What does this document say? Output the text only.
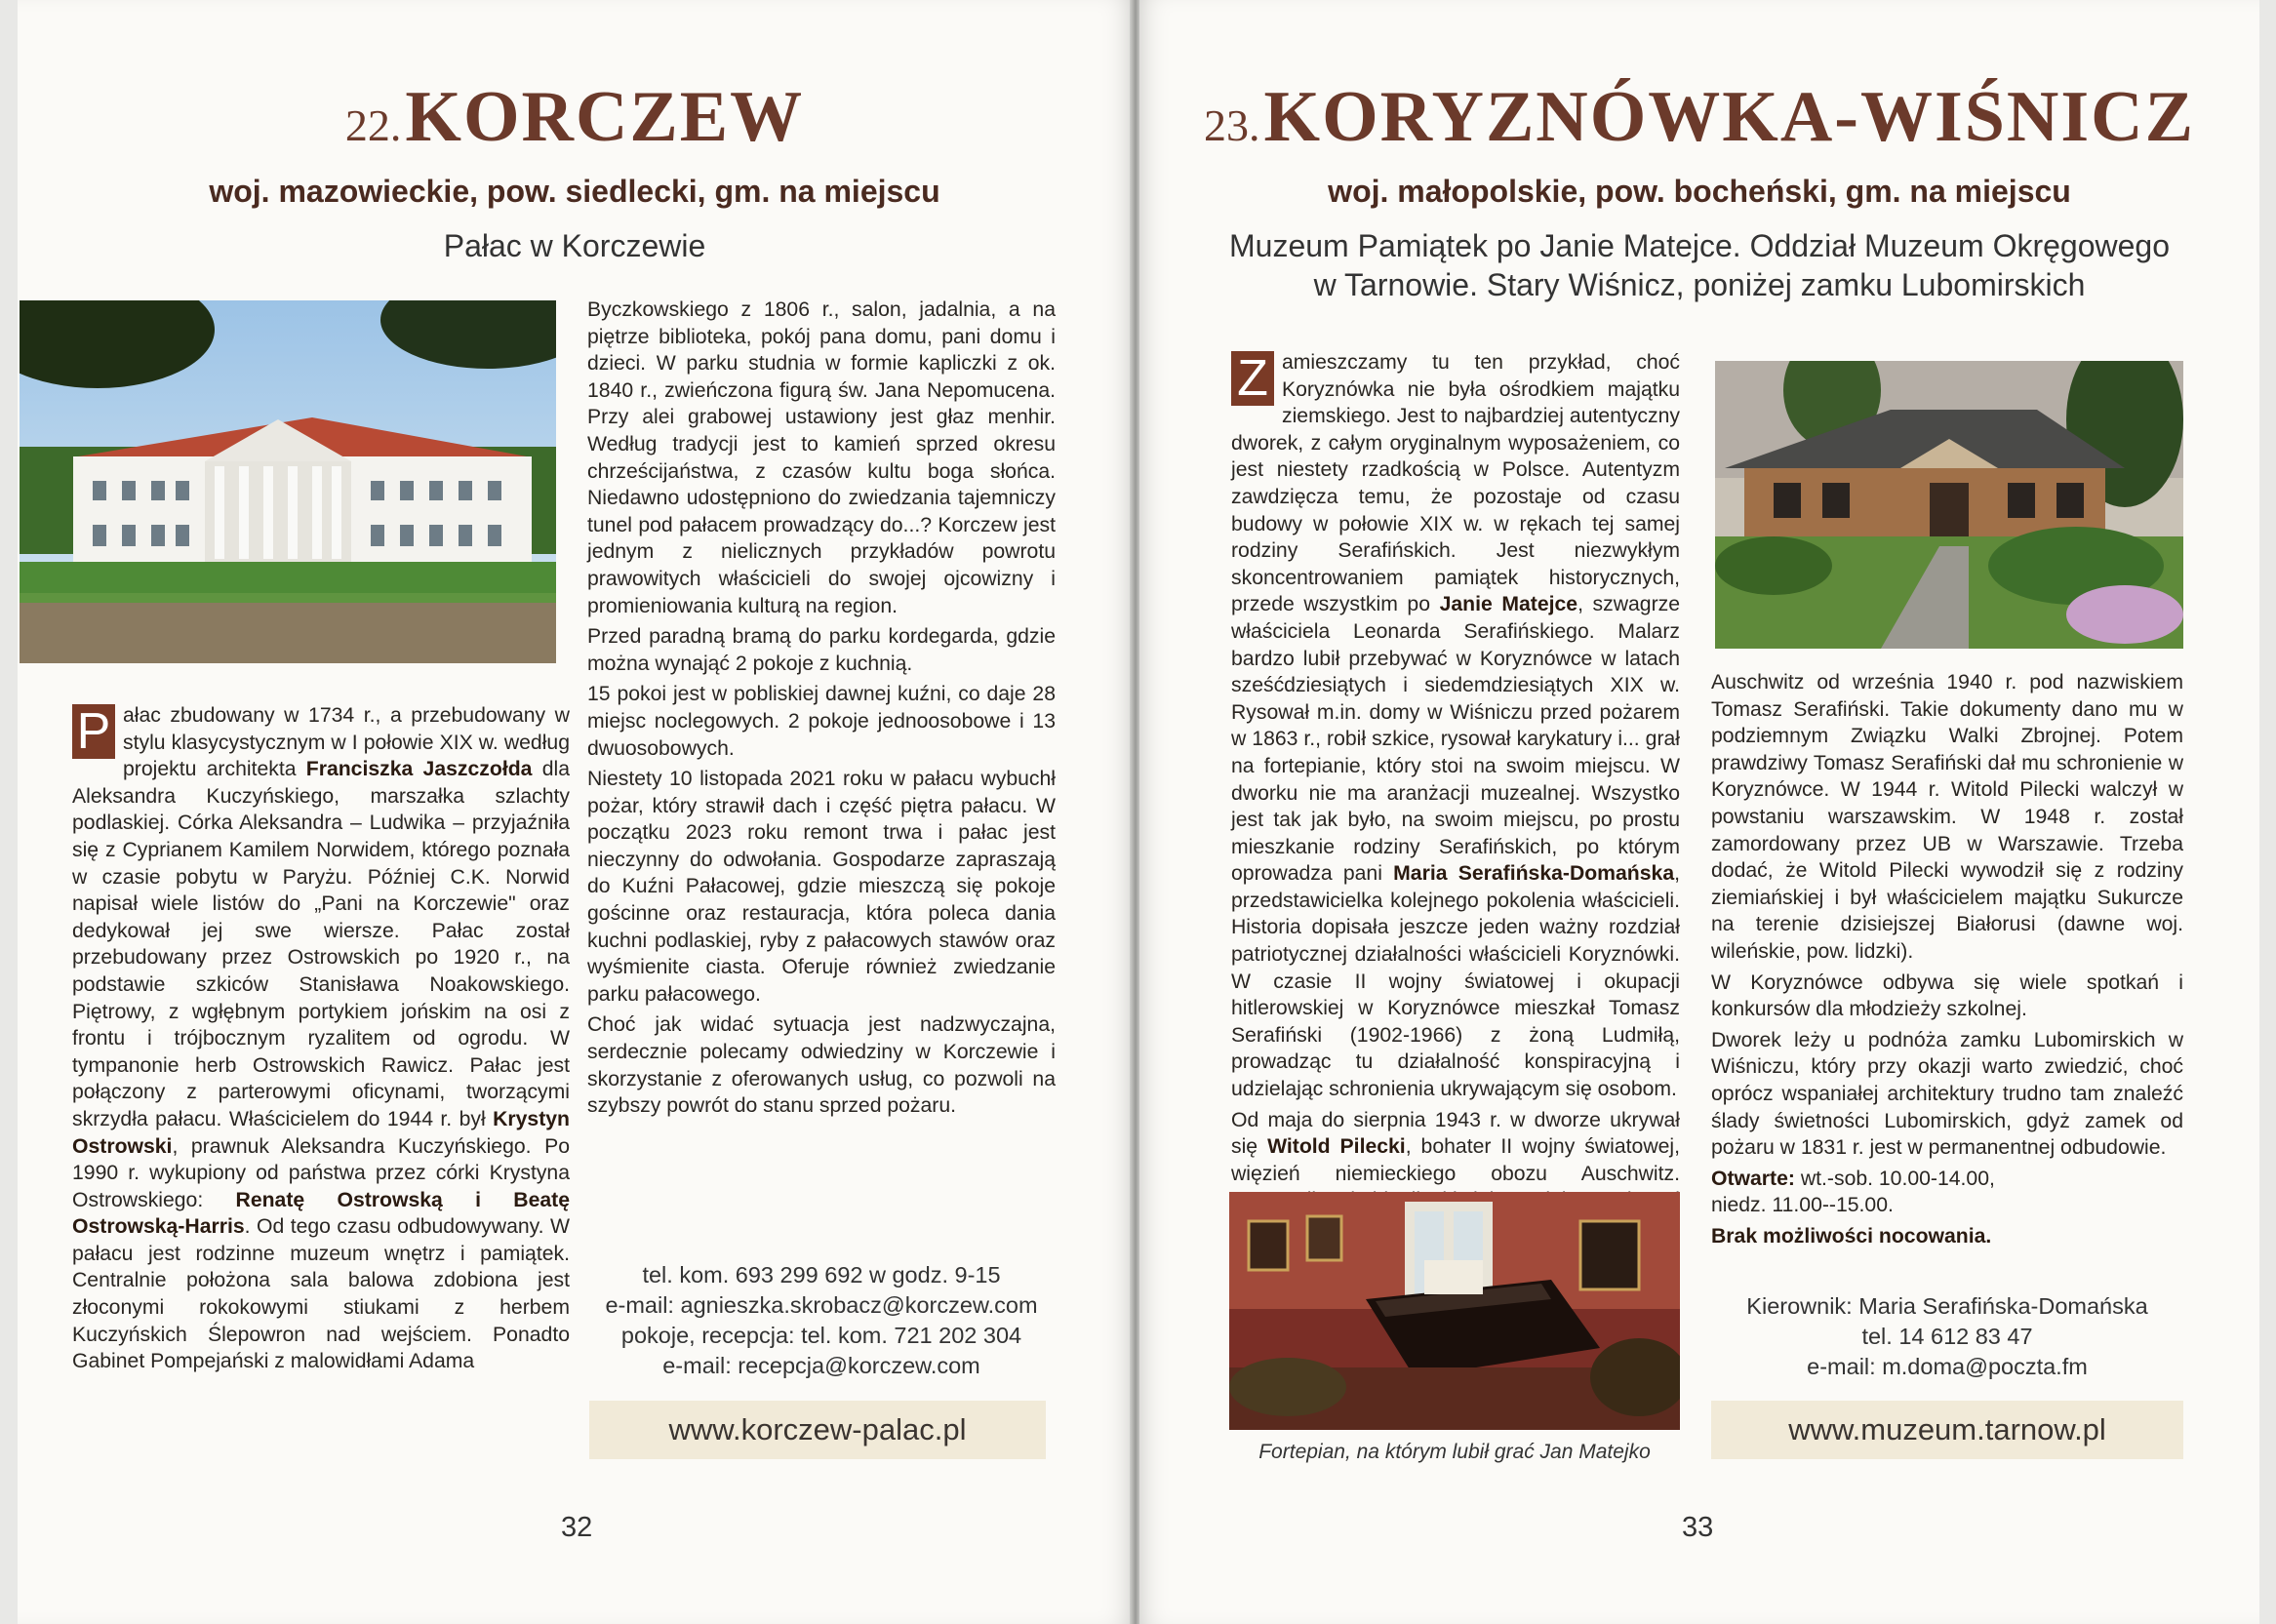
22. KORCZEW
woj. mazowieckie, pow. siedlecki, gm. na miejscu
Pałac w Korczewie

P ałac zbudowany w 1734 r., a przebudowany w stylu klasycystycznym w I połowie XIX w. według projektu architekta Franciszka Jaszczołda dla Aleksandra Kuczyńskiego, marszałka szlachty podlaskiej. Córka Aleksandra – Ludwika – przyjaźniła się z Cyprianem Kamilem Norwidem, którego poznała w czasie pobytu w Paryżu. Później C.K. Norwid napisał wiele listów do „Pani na Korczewie" oraz dedykował jej swe wiersze. Pałac został przebudowany przez Ostrowskich po 1920 r., na podstawie szkiców Stanisława Noakowskiego. Piętrowy, z wgłębnym portykiem jońskim na osi z frontu i trójbocznym ryzalitem od ogrodu. W tympanonie herb Ostrowskich Rawicz. Pałac jest połączony z parterowymi oficynami, tworzącymi skrzydła pałacu. Właścicielem do 1944 r. był Krystyn Ostrowski, prawnuk Aleksandra Kuczyńskiego. Po 1990 r. wykupiony od państwa przez córki Krystyna Ostrowskiego: Renatę Ostrowską i Beatę Ostrowską-Harris. Od tego czasu odbudowywany. W pałacu jest rodzinne muzeum wnętrz i pamiątek. Centralnie położona sala balowa zdobiona jest złoconymi rokokowymi stiukami z herbem Kuczyńskich Ślepowron nad wejściem. Ponadto Gabinet Pompejański z malowidłami Adama

Byczkowskiego z 1806 r., salon, jadalnia, a na piętrze biblioteka, pokój pana domu, pani domu i dzieci. W parku studnia w formie kapliczki z ok. 1840 r., zwieńczona figurą św. Jana Nepomucena. Przy alei grabowej ustawiony jest głaz menhir. Według tradycji jest to kamień sprzed okresu chrześcijaństwa, z czasów kultu boga słońca. Niedawno udostępniono do zwiedzania tajemniczy tunel pod pałacem prowadzący do...? Korczew jest jednym z nielicznych przykładów powrotu prawowitych właścicieli do swojej ojcowizny i promieniowania kulturą na region.

Przed paradną bramą do parku kordegarda, gdzie można wynająć 2 pokoje z kuchnią.

15 pokoi jest w pobliskiej dawnej kuźni, co daje 28 miejsc noclegowych. 2 pokoje jednoosobowe i 13 dwuosobowych.

Niestety 10 listopada 2021 roku w pałacu wybuchł pożar, który strawił dach i część piętra pałacu. W początku 2023 roku remont trwa i pałac jest nieczynny do odwołania. Gospodarze zapraszają do Kuźni Pałacowej, gdzie mieszczą się pokoje gościnne oraz restauracja, która poleca dania kuchni podlaskiej, ryby z pałacowych stawów oraz wyśmienite ciasta. Oferuje również zwiedzanie parku pałacowego.

Choć jak widać sytuacja jest nadzwyczajna, serdecznie polecamy odwiedziny w Korczewie i skorzystanie z oferowanych usług, co pozwoli na szybszy powrót do stanu sprzed pożaru.

tel. kom. 693 299 692 w godz. 9-15
e-mail: agnieszka.skrobacz@korczew.com
pokoje, recepcja: tel. kom. 721 202 304
e-mail: recepcja@korczew.com
www.korczew-palac.pl
32
23. KORYZNÓWKA-WIŚNICZ
woj. małopolskie, pow. bocheński, gm. na miejscu
Muzeum Pamiątek po Janie Matejce. Oddział Muzeum Okręgowego
w Tarnowie. Stary Wiśnicz, poniżej zamku Lubomirskich

Z amieszczamy tu ten przykład, choć Koryznówka nie była ośrodkiem majątku ziemskiego. Jest to najbardziej autentyczny dworek, z całym oryginalnym wyposażeniem, co jest niestety rzadkością w Polsce. Autentyzm zawdzięcza temu, że pozostaje od czasu budowy w połowie XIX w. w rękach tej samej rodziny Serafińskich. Jest niezwykłym skoncentrowaniem pamiątek historycznych, przede wszystkim po Janie Matejce, szwagrze właściciela Leonarda Serafińskiego. Malarz bardzo lubił przebywać w Koryznówce w latach sześćdziesiątych i siedemdziesiątych XIX w. Rysował m.in. domy w Wiśniczu przed pożarem w 1863 r., robił szkice, rysował karykatury i... grał na fortepianie, który stoi na swoim miejscu. W dworku nie ma aranżacji muzealnej. Wszystko jest tak jak było, na swoim miejscu, po prostu mieszkanie rodziny Serafińskich, po którym oprowadza pani Maria Serafińska-Domańska, przedstawicielka kolejnego pokolenia właścicieli. Historia dopisała jeszcze jeden ważny rozdział patriotycznej działalności właścicieli Koryznówki. W czasie II wojny światowej i okupacji hitlerowskiej w Koryznówce mieszkał Tomasz Serafiński (1902-1966) z żoną Ludmiłą, prowadząc tu działalność konspiracyjną i udzielając schronienia ukrywającym się osobom.

Od maja do sierpnia 1943 r. w dworze ukrywał się Witold Pilecki, bohater II wojny światowej, więzień niemieckiego obozu Auschwitz.

Fortepian, na którym lubił grać Jan Matejko

Auschwitz od września 1940 r. pod nazwiskiem Tomasz Serafiński. Takie dokumenty dano mu w podziemnym Związku Walki Zbrojnej. Potem prawdziwy Tomasz Serafiński dał mu schronienie w Koryznówce. W 1944 r. Witold Pilecki walczył w powstaniu warszawskim. W 1948 r. został zamordowany przez UB w Warszawie. Trzeba dodać, że Witold Pilecki wywodził się z rodziny ziemiańskiej i był właścicielem majątku Sukurcze na terenie dzisiejszej Białorusi (dawne woj. wileńskie, pow. lidzki).

W Koryznówce odbywa się wiele spotkań i konkursów dla młodzieży szkolnej.

Dworek leży u podnóża zamku Lubomirskich w Wiśniczu, który przy okazji warto zwiedzić, choć oprócz wspaniałej architektury trudno tam znaleźć ślady świetności Lubomirskich, gdyż zamek od pożaru w 1831 r. jest w permanentnej odbudowie.

Otwarte: wt.-sob. 10.00-14.00,
niedz. 11.00--15.00.

Brak możliwości nocowania.

Kierownik: Maria Serafińska-Domańska
tel. 14 612 83 47
e-mail: m.doma@poczta.fm
www.muzeum.tarnow.pl
33
